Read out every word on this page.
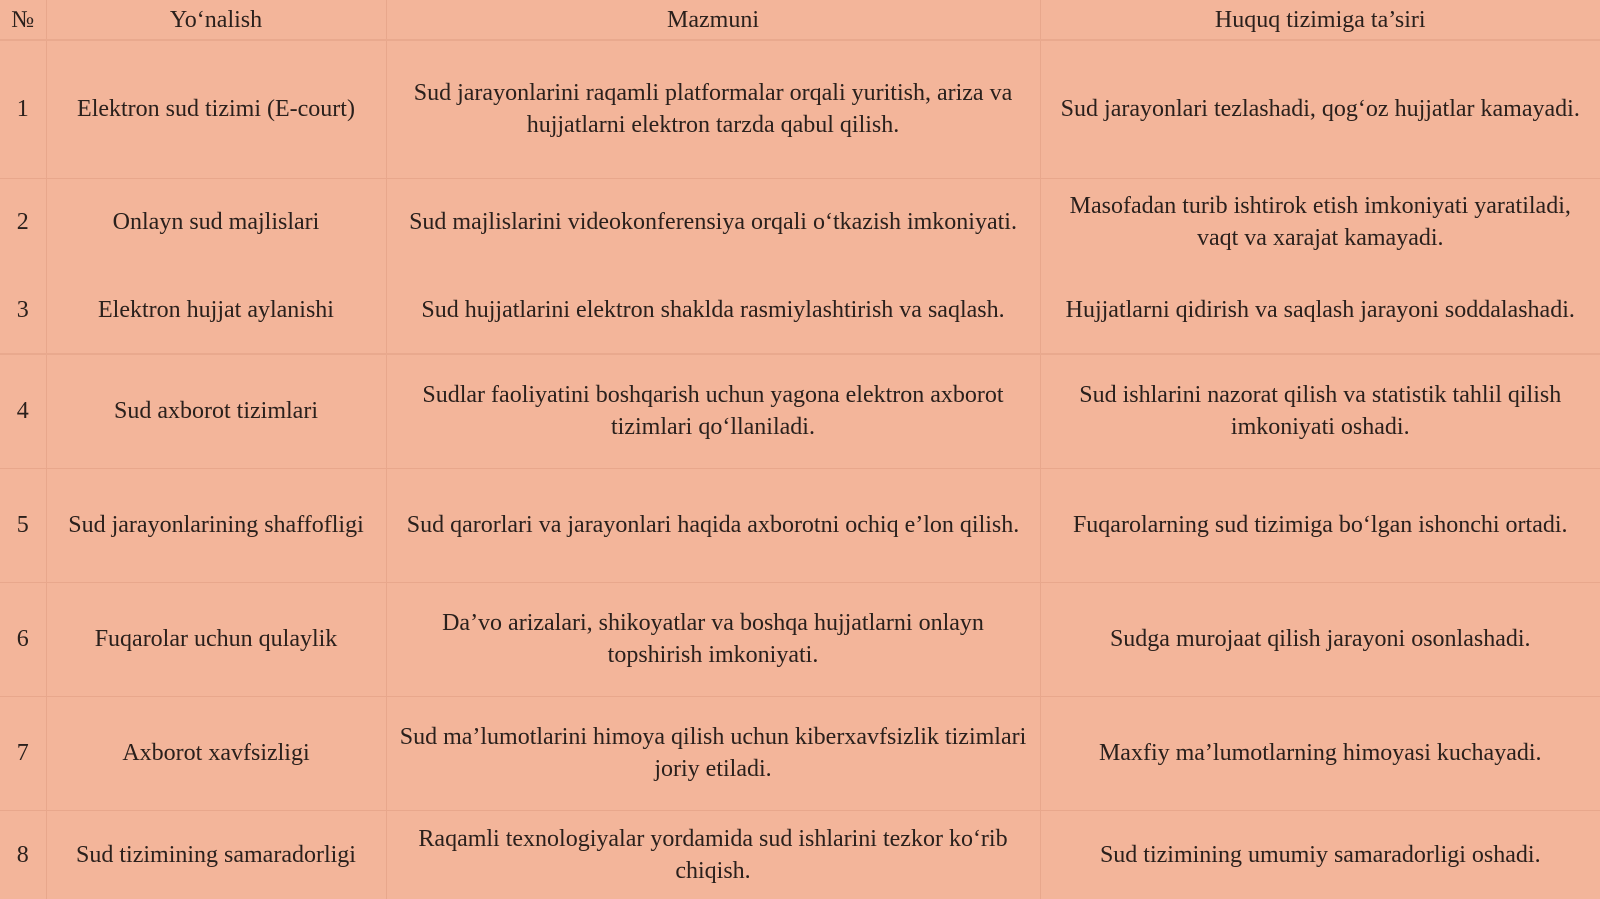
№	Yo‘nalish	Mazmuni	Huquq tizimiga ta’siri
1	Elektron sud tizimi (E-court)	Sud jarayonlarini raqamli platformalar orqali yuritish, ariza va hujjatlarni elektron tarzda qabul qilish.	Sud jarayonlari tezlashadi, qog‘oz hujjatlar kamayadi.
2	Onlayn sud majlislari	Sud majlislarini videokonferensiya orqali o‘tkazish imkoniyati.	Masofadan turib ishtirok etish imkoniyati yaratiladi, vaqt va xarajat kamayadi.
3	Elektron hujjat aylanishi	Sud hujjatlarini elektron shaklda rasmiylashtirish va saqlash.	Hujjatlarni qidirish va saqlash jarayoni soddalashadi.
4	Sud axborot tizimlari	Sudlar faoliyatini boshqarish uchun yagona elektron axborot tizimlari qo‘llaniladi.	Sud ishlarini nazorat qilish va statistik tahlil qilish imkoniyati oshadi.
5	Sud jarayonlarining shaffofligi	Sud qarorlari va jarayonlari haqida axborotni ochiq e’lon qilish.	Fuqarolarning sud tizimiga bo‘lgan ishonchi ortadi.
6	Fuqarolar uchun qulaylik	Da’vo arizalari, shikoyatlar va boshqa hujjatlarni onlayn topshirish imkoniyati.	Sudga murojaat qilish jarayoni osonlashadi.
7	Axborot xavfsizligi	Sud ma’lumotlarini himoya qilish uchun kiberxavfsizlik tizimlari joriy etiladi.	Maxfiy ma’lumotlarning himoyasi kuchayadi.
8	Sud tizimining samaradorligi	Raqamli texnologiyalar yordamida sud ishlarini tezkor ko‘rib chiqish.	Sud tizimining umumiy samaradorligi oshadi.
